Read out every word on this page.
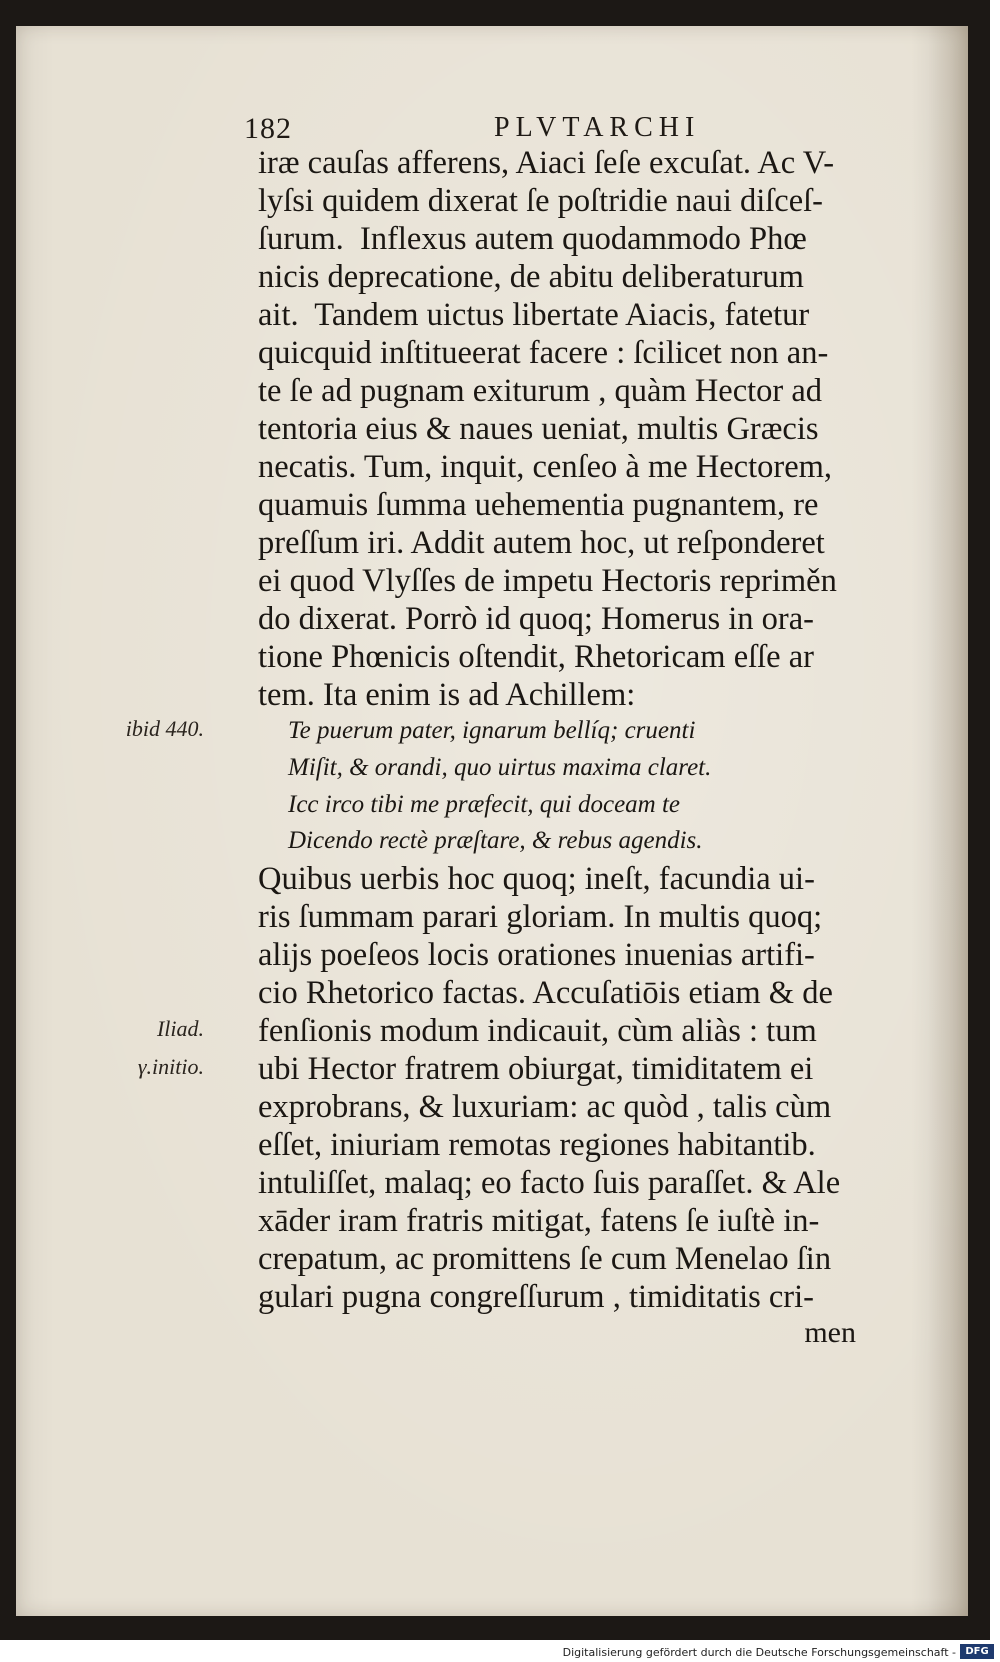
182	PLVTARCHI
iræ cauſas afferens, Aiaci ſeſe excuſat. Ac V-
lyſsi quidem dixerat ſe poſtridie naui diſceſ-
ſurum.  Inflexus autem quodammodo Phœ
nicis deprecatione, de abitu deliberaturum
ait.  Tandem uictus libertate Aiacis, fatetur
quicquid inſtitueerat facere : ſcilicet non an-
te ſe ad pugnam exiturum , quàm Hector ad
tentoria eius & naues ueniat, multis Græcis
necatis. Tum, inquit, cenſeo à me Hectorem,
quamuis ſumma uehementia pugnantem, re
preſſum iri. Addit autem hoc, ut reſponderet
ei quod Vlyſſes de impetu Hectoris repriměn
do dixerat. Porrò id quoq; Homerus in ora-
tione Phœnicis oſtendit, Rhetoricam eſſe ar
tem. Ita enim is ad Achillem:
ibid 440.	Te puerum pater, ignarum bellíq; cruenti
Miſit, & orandi, quo uirtus maxima claret.
Icc irco tibi me præfecit, qui doceam te
Dicendo rectè præſtare, & rebus agendis.
Quibus uerbis hoc quoq; ineſt, facundia ui-
ris ſummam parari gloriam. In multis quoq;
alijs poeſeos locis orationes inuenias artifi-
cio Rhetorico factas. Accuſatiōis etiam & de
fenſionis modum indicauit, cùm aliàs : tum
ubi Hector fratrem obiurgat, timiditatem ei
exprobrans, & luxuriam: ac quòd , talis cùm
eſſet, iniuriam remotas regiones habitantib.
intuliſſet, malaq; eo facto ſuis paraſſet. & Ale
xāder iram fratris mitigat, fatens ſe iuſtè in-
crepatum, ac promittens ſe cum Menelao ſin
gulari pugna congreſſurum , timiditatis cri-
Iliad.
γ.initio.
men
Digitalisierung gefördert durch die Deutsche Forschungsgemeinschaft - DFG
